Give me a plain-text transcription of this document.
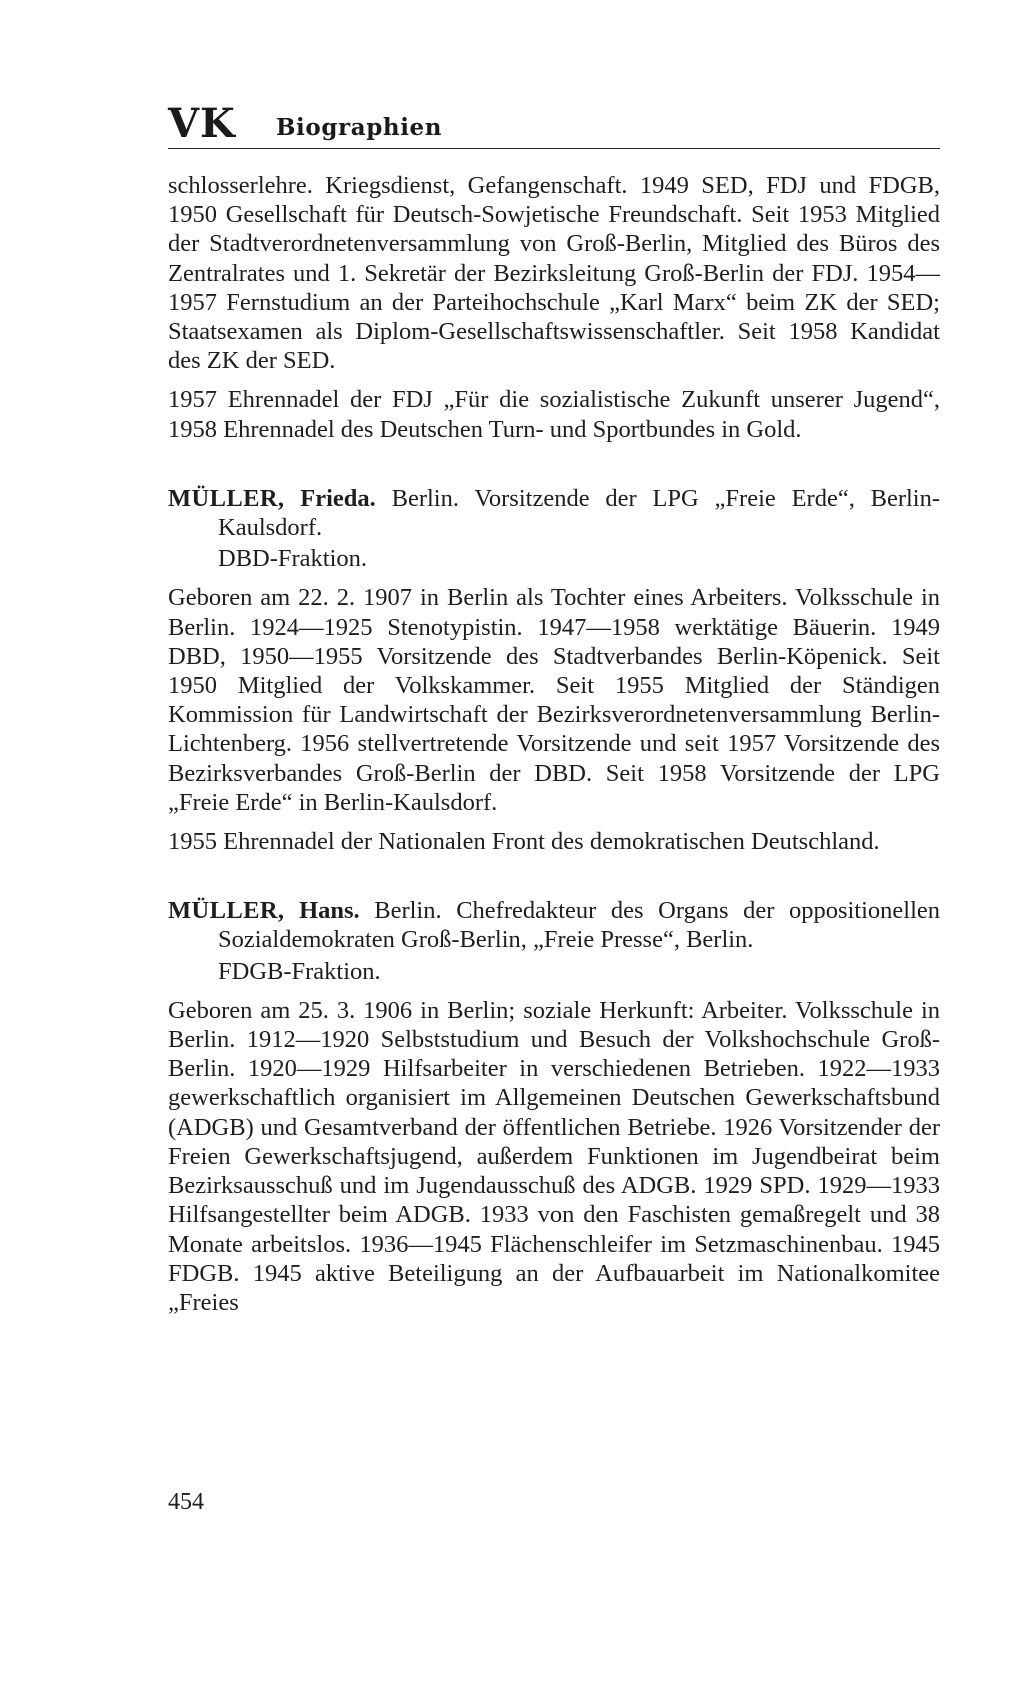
VK Biographien

schlosserlehre. Kriegsdienst, Gefangenschaft. 1949 SED, FDJ und FDGB, 1950 Gesellschaft für Deutsch-Sowjetische Freundschaft. Seit 1953 Mitglied der Stadtverordnetenversammlung von Groß-Berlin, Mitglied des Büros des Zentralrates und 1. Sekretär der Bezirksleitung Groß-Berlin der FDJ. 1954—1957 Fernstudium an der Parteihochschule „Karl Marx“ beim ZK der SED; Staatsexamen als Diplom-Gesellschaftswissenschaftler. Seit 1958 Kandidat des ZK der SED.

1957 Ehrennadel der FDJ „Für die sozialistische Zukunft unserer Jugend“, 1958 Ehrennadel des Deutschen Turn- und Sportbundes in Gold.

MÜLLER, Frieda. Berlin. Vorsitzende der LPG „Freie Erde“, Berlin-Kaulsdorf.

DBD-Fraktion.

Geboren am 22. 2. 1907 in Berlin als Tochter eines Arbeiters. Volksschule in Berlin. 1924—1925 Stenotypistin. 1947—1958 werktätige Bäuerin. 1949 DBD, 1950—1955 Vorsitzende des Stadtverbandes Berlin-Köpenick. Seit 1950 Mitglied der Volkskammer. Seit 1955 Mitglied der Ständigen Kommission für Landwirtschaft der Bezirksverordnetenversammlung Berlin-Lichtenberg. 1956 stellvertretende Vorsitzende und seit 1957 Vorsitzende des Bezirksverbandes Groß-Berlin der DBD. Seit 1958 Vorsitzende der LPG „Freie Erde“ in Berlin-Kaulsdorf.

1955 Ehrennadel der Nationalen Front des demokratischen Deutschland.

MÜLLER, Hans. Berlin. Chefredakteur des Organs der oppositionellen Sozialdemokraten Groß-Berlin, „Freie Presse“, Berlin.

FDGB-Fraktion.

Geboren am 25. 3. 1906 in Berlin; soziale Herkunft: Arbeiter. Volksschule in Berlin. 1912—1920 Selbststudium und Besuch der Volkshochschule Groß-Berlin. 1920—1929 Hilfsarbeiter in verschiedenen Betrieben. 1922—1933 gewerkschaftlich organisiert im Allgemeinen Deutschen Gewerkschaftsbund (ADGB) und Gesamtverband der öffentlichen Betriebe. 1926 Vorsitzender der Freien Gewerkschaftsjugend, außerdem Funktionen im Jugendbeirat beim Bezirksausschuß und im Jugendausschuß des ADGB. 1929 SPD. 1929—1933 Hilfsangestellter beim ADGB. 1933 von den Faschisten gemaßregelt und 38 Monate arbeitslos. 1936—1945 Flächenschleifer im Setzmaschinenbau. 1945 FDGB. 1945 aktive Beteiligung an der Aufbauarbeit im Nationalkomitee „Freies

454
